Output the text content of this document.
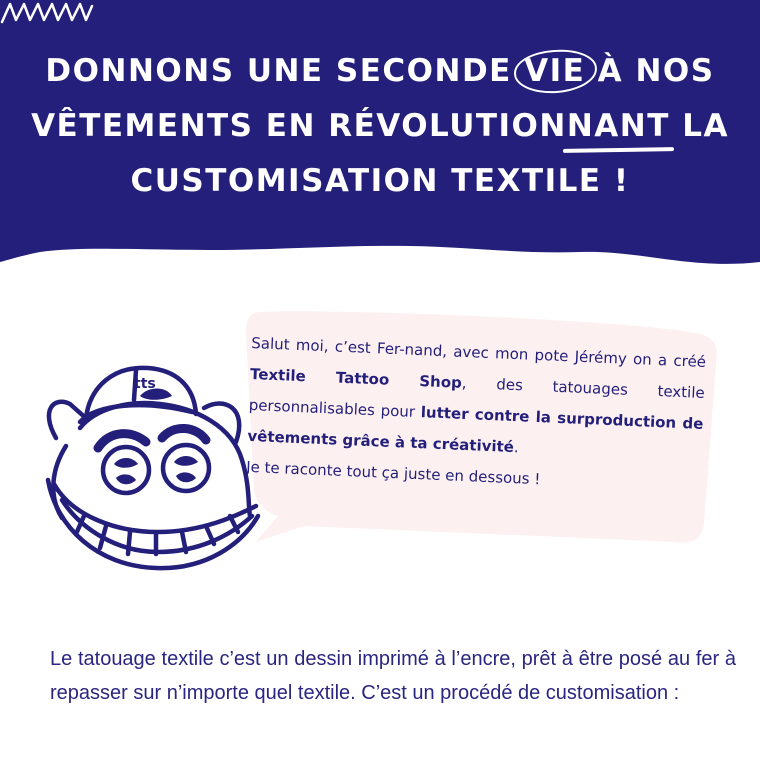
DONNONS UNE SECONDE VIE À NOS
VÊTEMENTS EN RÉVOLUTIONNANT LA
CUSTOMISATION TEXTILE !
tts

Salut moi, c’est Fer-nand, avec mon pote Jérémy on a créé Textile Tattoo Shop, des tatouages textile personnalisables pour lutter contre la surproduction de vêtements grâce à ta créativité.

Je te raconte tout ça juste en dessous !

Le tatouage textile c’est un dessin imprimé à l’encre, prêt à être posé au fer à repasser sur n’importe quel textile. C’est un procédé de customisation :
